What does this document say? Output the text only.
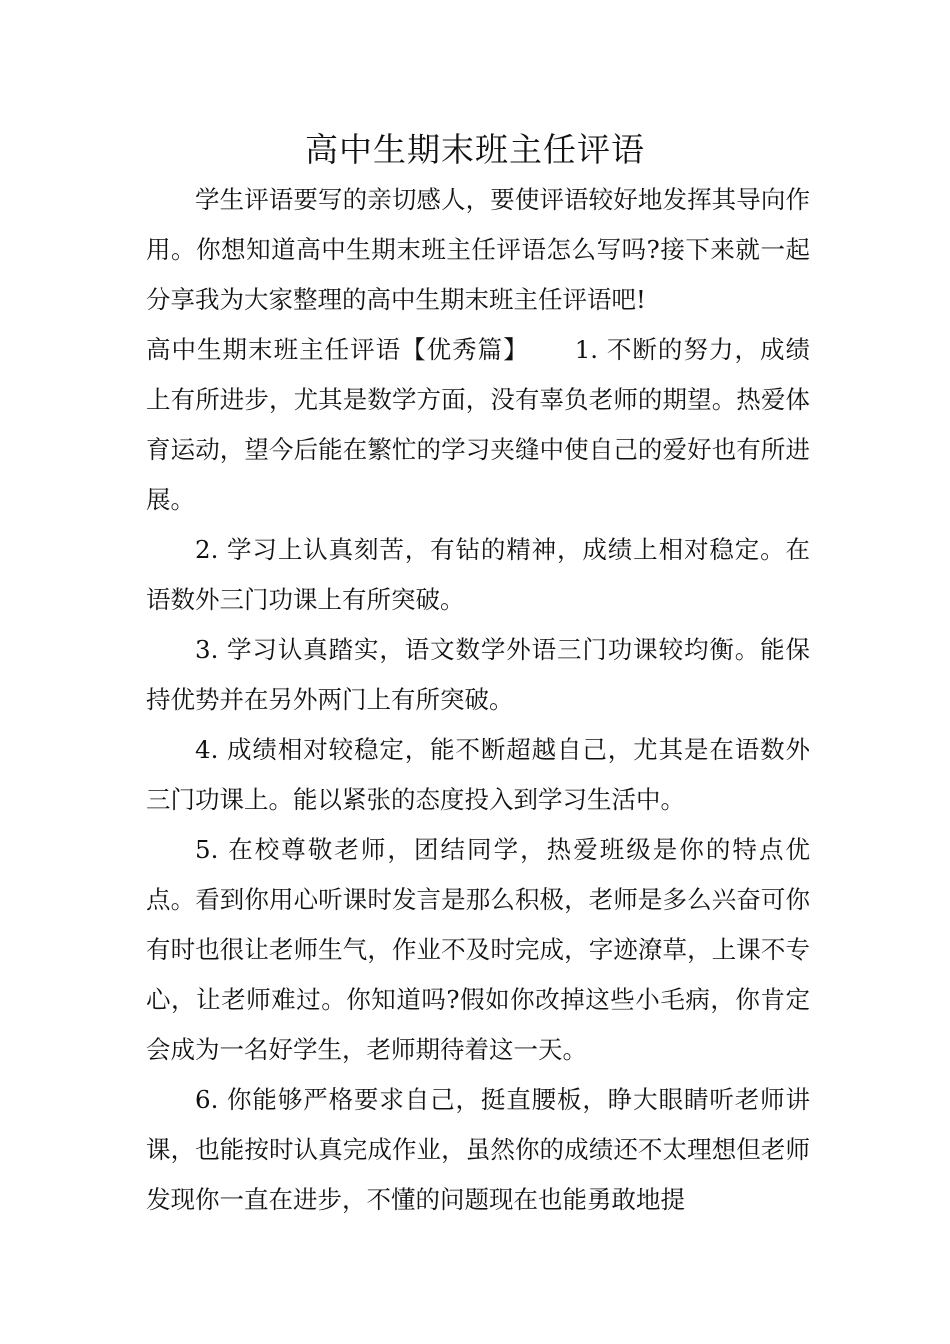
高中生期末班主任评语

学生评语要写的亲切感人，要使评语较好地发挥其导向作用。你想知道高中生期末班主任评语怎么写吗?接下来就一起分享我为大家整理的高中生期末班主任评语吧!

高中生期末班主任评语【优秀篇】 1. 不断的努力，成绩上有所进步，尤其是数学方面，没有辜负老师的期望。热爱体育运动，望今后能在繁忙的学习夹缝中使自己的爱好也有所进展。

2. 学习上认真刻苦，有钻的精神，成绩上相对稳定。在语数外三门功课上有所突破。

3. 学习认真踏实，语文数学外语三门功课较均衡。能保持优势并在另外两门上有所突破。

4. 成绩相对较稳定，能不断超越自己，尤其是在语数外三门功课上。能以紧张的态度投入到学习生活中。

5. 在校尊敬老师，团结同学，热爱班级是你的特点优点。看到你用心听课时发言是那么积极，老师是多么兴奋可你有时也很让老师生气，作业不及时完成，字迹潦草，上课不专心，让老师难过。你知道吗?假如你改掉这些小毛病，你肯定会成为一名好学生，老师期待着这一天。

6. 你能够严格要求自己，挺直腰板，睁大眼睛听老师讲课，也能按时认真完成作业，虽然你的成绩还不太理想但老师发现你一直在进步，不懂的问题现在也能勇敢地提
